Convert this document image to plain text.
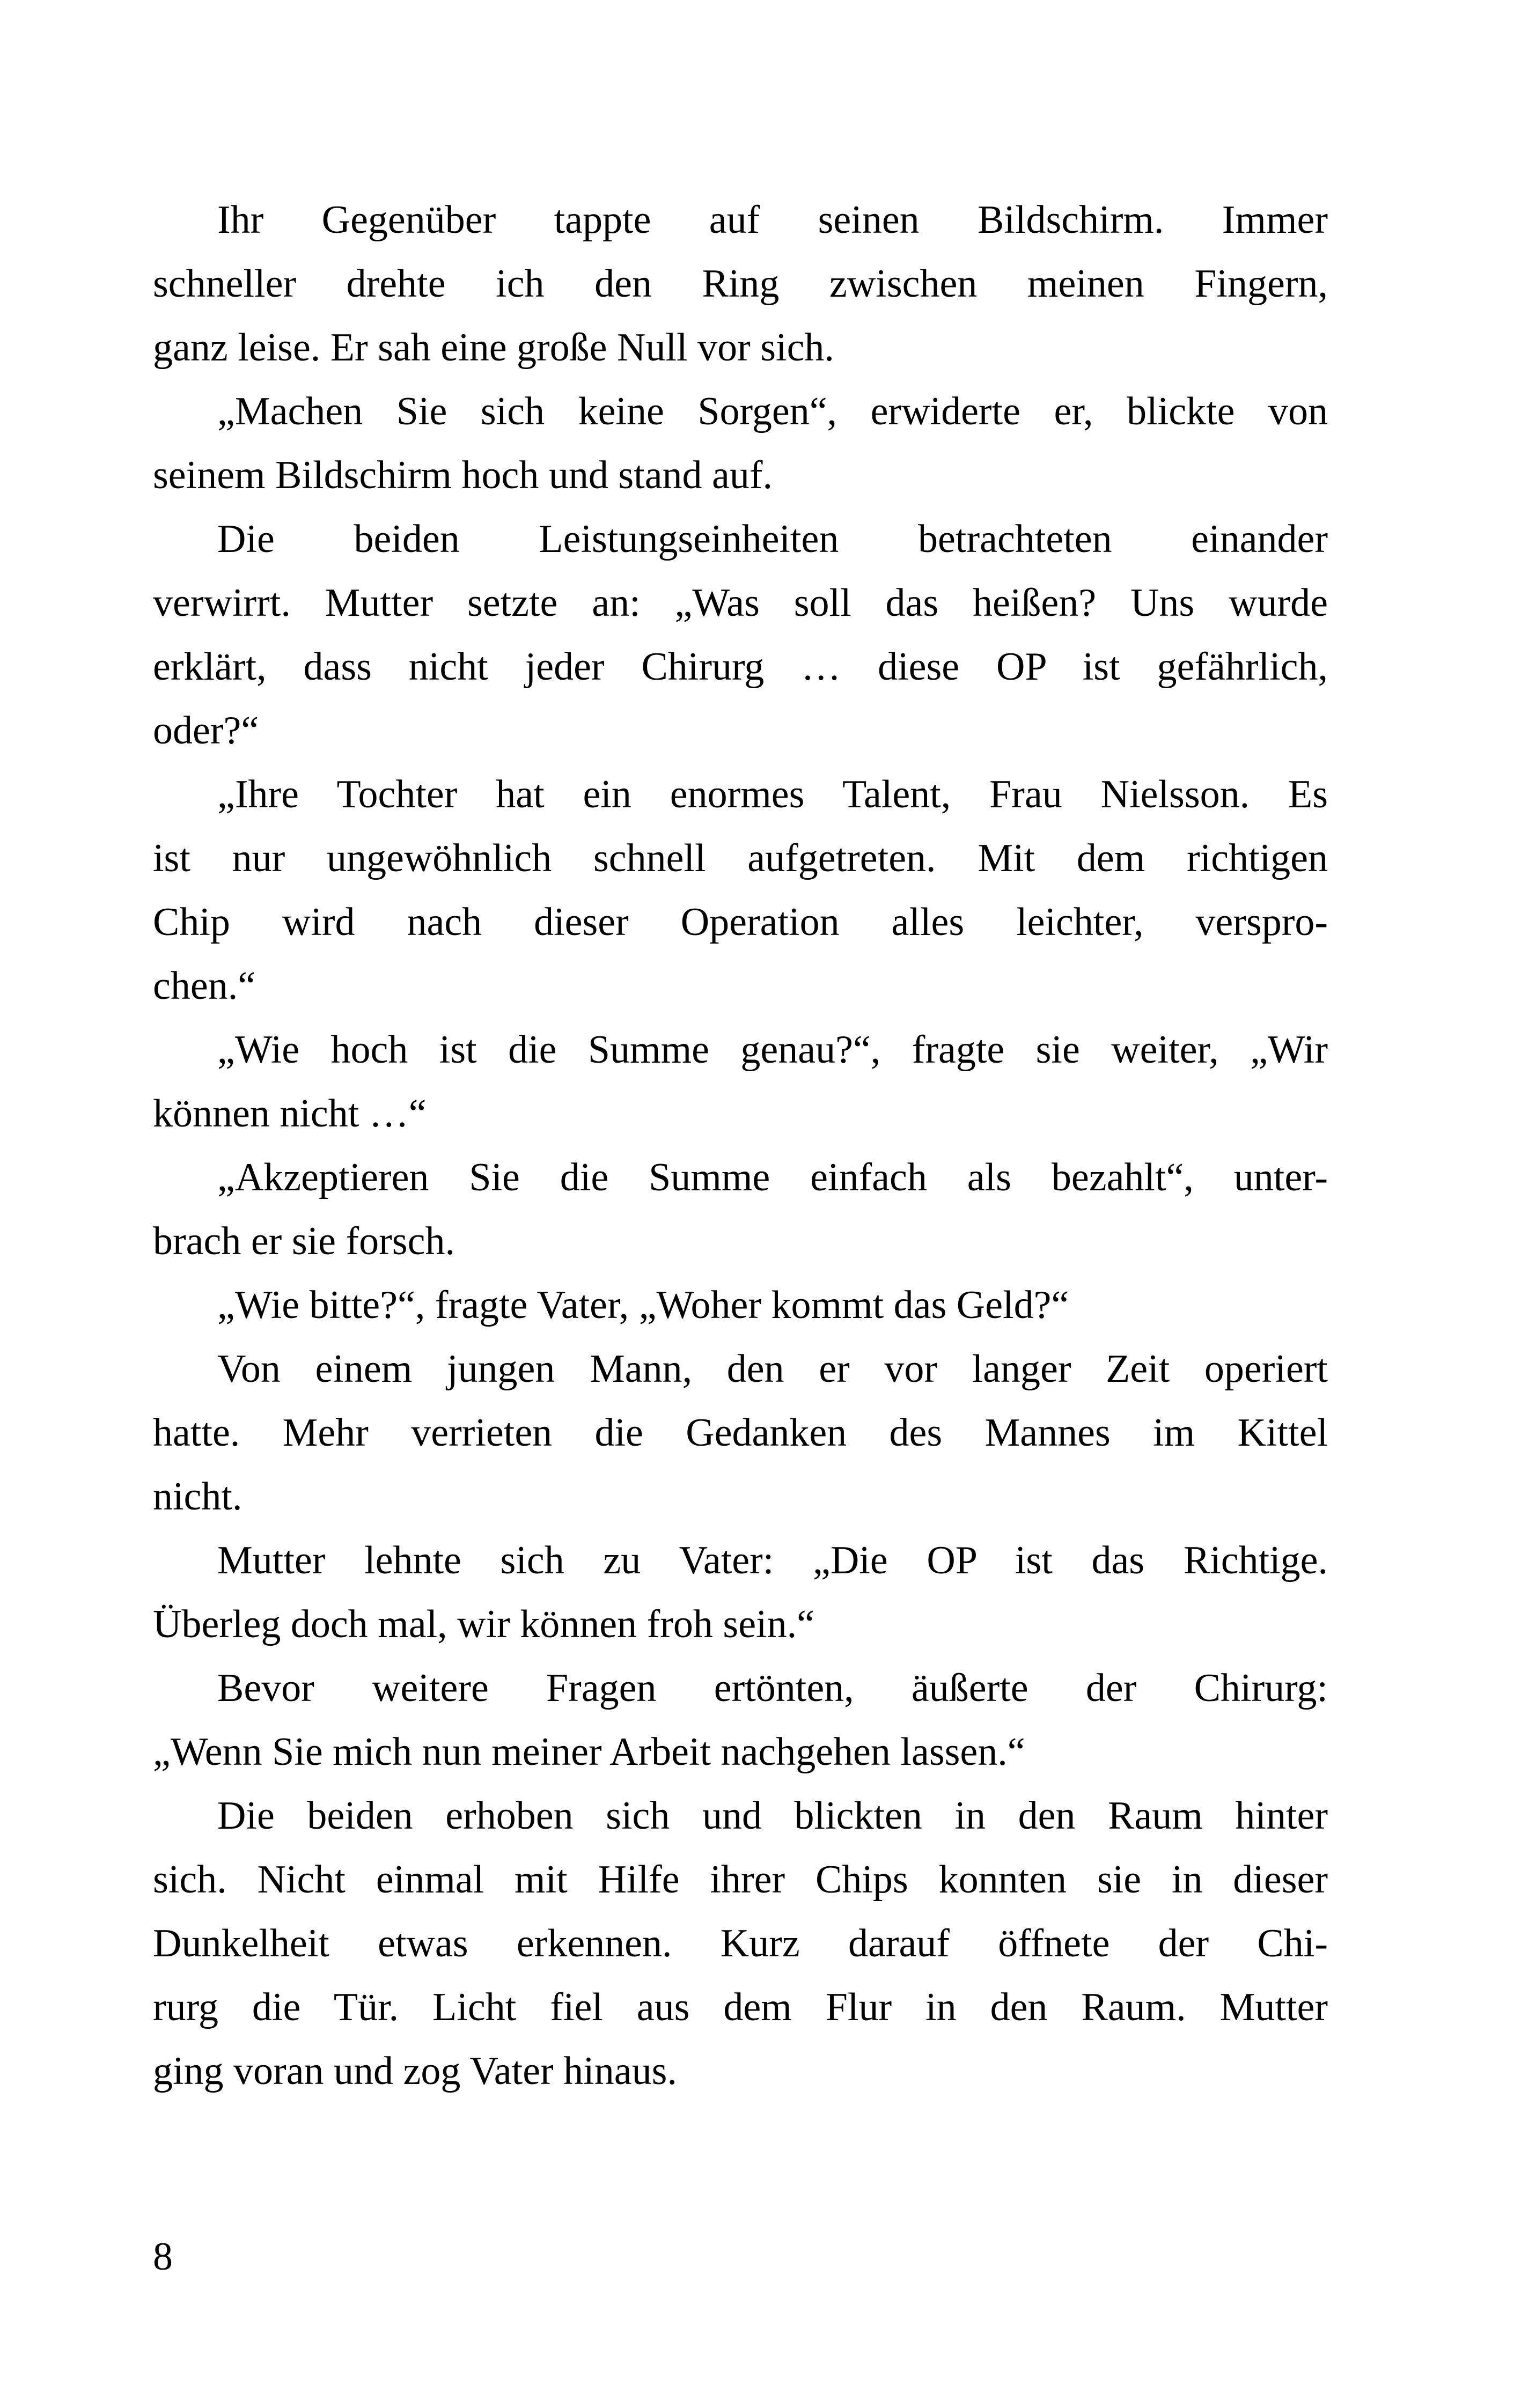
Ihr Gegenüber tappte auf seinen Bildschirm. Immer
schneller drehte ich den Ring zwischen meinen Fingern,
ganz leise. Er sah eine große Null vor sich.

„Machen Sie sich keine Sorgen“, erwiderte er, blickte von
seinem Bildschirm hoch und stand auf.

Die beiden Leistungseinheiten betrachteten einander
verwirrt. Mutter setzte an: „Was soll das heißen? Uns wurde
erklärt, dass nicht jeder Chirurg … diese OP ist gefährlich,
oder?“

„Ihre Tochter hat ein enormes Talent, Frau Nielsson. Es
ist nur ungewöhnlich schnell aufgetreten. Mit dem richtigen
Chip wird nach dieser Operation alles leichter, verspro-
chen.“

„Wie hoch ist die Summe genau?“, fragte sie weiter, „Wir
können nicht …“

„Akzeptieren Sie die Summe einfach als bezahlt“, unter-
brach er sie forsch.

„Wie bitte?“, fragte Vater, „Woher kommt das Geld?“

Von einem jungen Mann, den er vor langer Zeit operiert
hatte. Mehr verrieten die Gedanken des Mannes im Kittel
nicht.

Mutter lehnte sich zu Vater: „Die OP ist das Richtige.
Überleg doch mal, wir können froh sein.“

Bevor weitere Fragen ertönten, äußerte der Chirurg:
„Wenn Sie mich nun meiner Arbeit nachgehen lassen.“

Die beiden erhoben sich und blickten in den Raum hinter
sich. Nicht einmal mit Hilfe ihrer Chips konnten sie in dieser
Dunkelheit etwas erkennen. Kurz darauf öffnete der Chi-
rurg die Tür. Licht fiel aus dem Flur in den Raum. Mutter
ging voran und zog Vater hinaus.

8
